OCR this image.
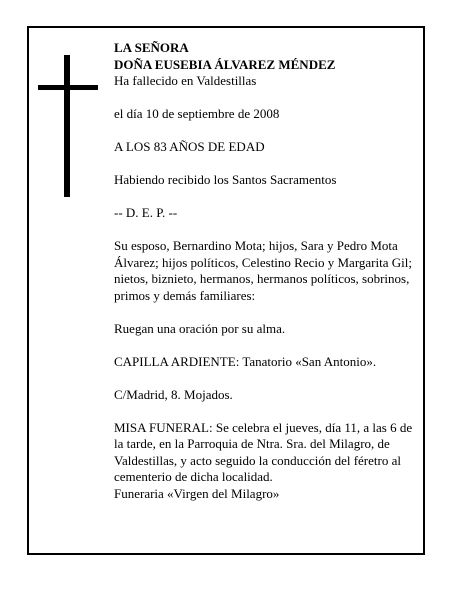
LA SEÑORA

DOÑA EUSEBIA ÁLVAREZ MÉNDEZ

Ha fallecido en Valdestillas

el día 10 de septiembre de 2008

A LOS 83 AÑOS DE EDAD

Habiendo recibido los Santos Sacramentos

-- D. E. P. --

Su esposo, Bernardino Mota; hijos, Sara y Pedro Mota Álvarez; hijos políticos, Celestino Recio y Margarita Gil; nietos, biznieto, hermanos, hermanos políticos, sobrinos, primos y demás familiares:

Ruegan una oración por su alma.

CAPILLA ARDIENTE: Tanatorio «San Antonio».

C/Madrid, 8. Mojados.

MISA FUNERAL: Se celebra el jueves, día 11, a las 6 de la tarde, en la Parroquia de Ntra. Sra. del Milagro, de Valdestillas, y acto seguido la conducción del féretro al cementerio de dicha localidad.

Funeraria «Virgen del Milagro»
